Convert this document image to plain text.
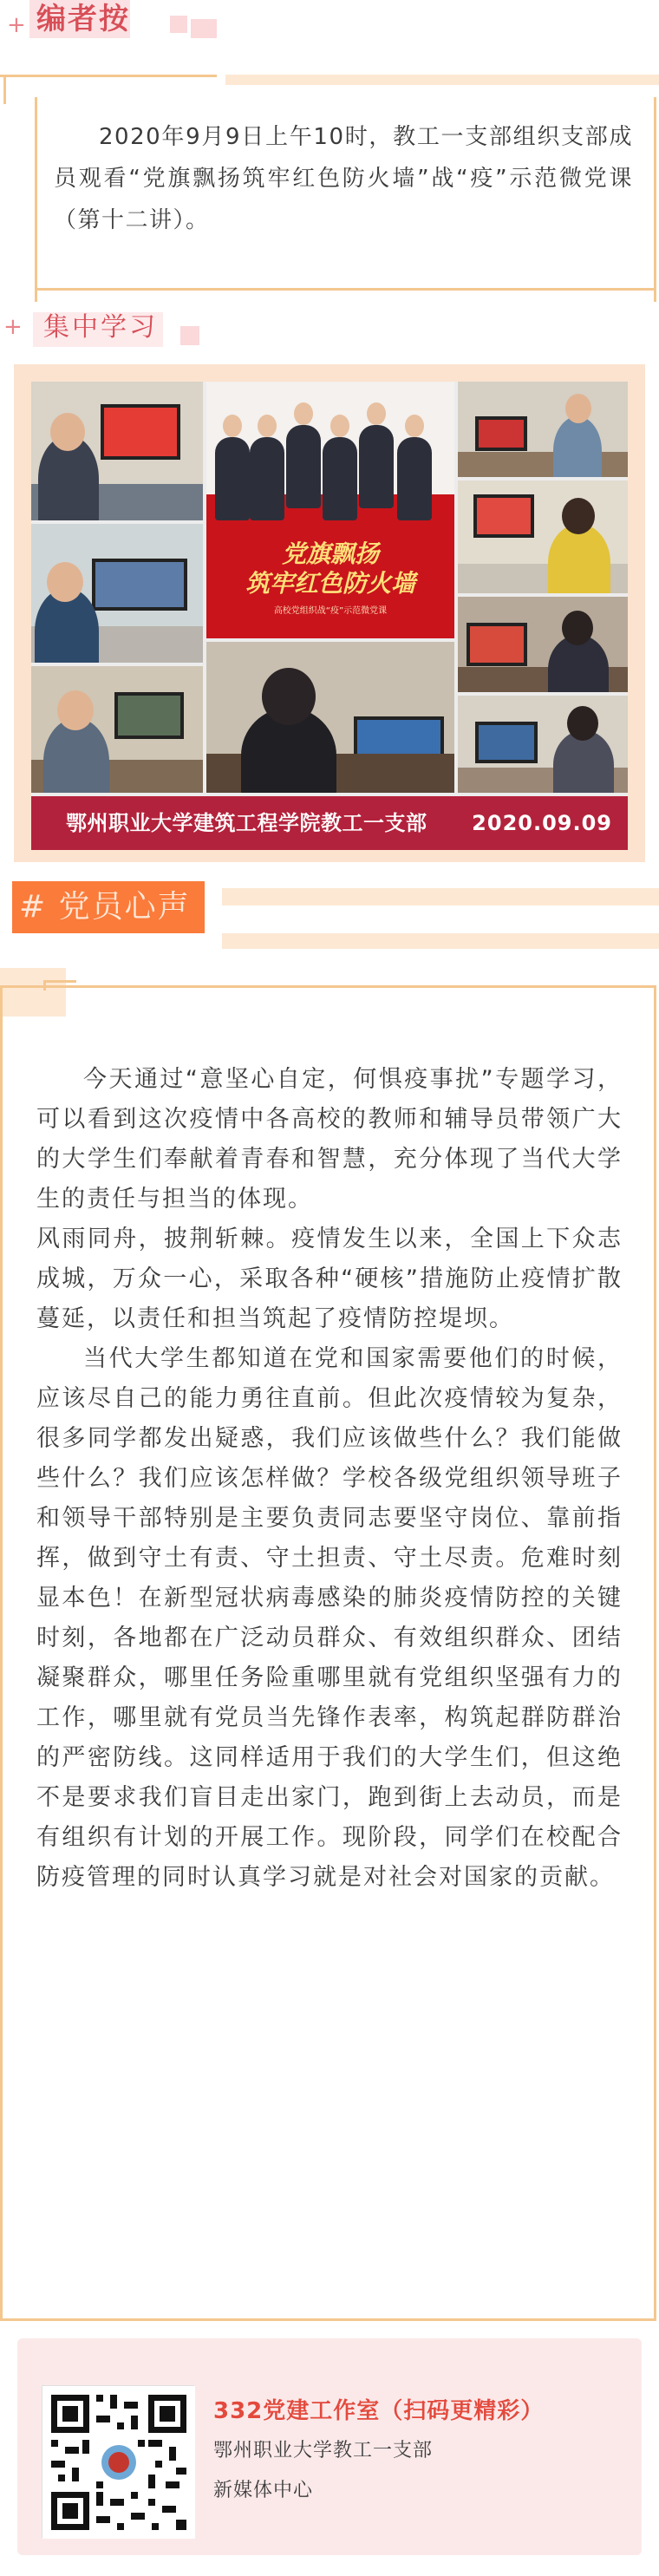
+ 编者按

2020年9月9日上午10时，教工一支部组织支部成员观看“党旗飘扬筑牢红色防火墙”战“疫”示范微党课（第十二讲）。

+ 集中学习
党旗飘扬
筑牢红色防火墙
高校党组织战“疫”示范微党课
鄂州职业大学建筑工程学院教工一支部 2020.09.09
# 党员心声

今天通过“意坚心自定，何惧疫事扰”专题学习，可以看到这次疫情中各高校的教师和辅导员带领广大的大学生们奉献着青春和智慧，充分体现了当代大学生的责任与担当的体现。

风雨同舟，披荆斩棘。疫情发生以来，全国上下众志成城，万众一心，采取各种“硬核”措施防止疫情扩散蔓延，以责任和担当筑起了疫情防控堤坝。

当代大学生都知道在党和国家需要他们的时候，应该尽自己的能力勇往直前。但此次疫情较为复杂，很多同学都发出疑惑，我们应该做些什么？我们能做些什么？我们应该怎样做？学校各级党组织领导班子和领导干部特别是主要负责同志要坚守岗位、靠前指挥，做到守土有责、守土担责、守土尽责。危难时刻显本色！在新型冠状病毒感染的肺炎疫情防控的关键时刻，各地都在广泛动员群众、有效组织群众、团结凝聚群众，哪里任务险重哪里就有党组织坚强有力的工作，哪里就有党员当先锋作表率，构筑起群防群治的严密防线。这同样适用于我们的大学生们，但这绝不是要求我们盲目走出家门，跑到街上去动员，而是有组织有计划的开展工作。现阶段，同学们在校配合防疫管理的同时认真学习就是对社会对国家的贡献。

332党建工作室（扫码更精彩）
鄂州职业大学教工一支部
新媒体中心
